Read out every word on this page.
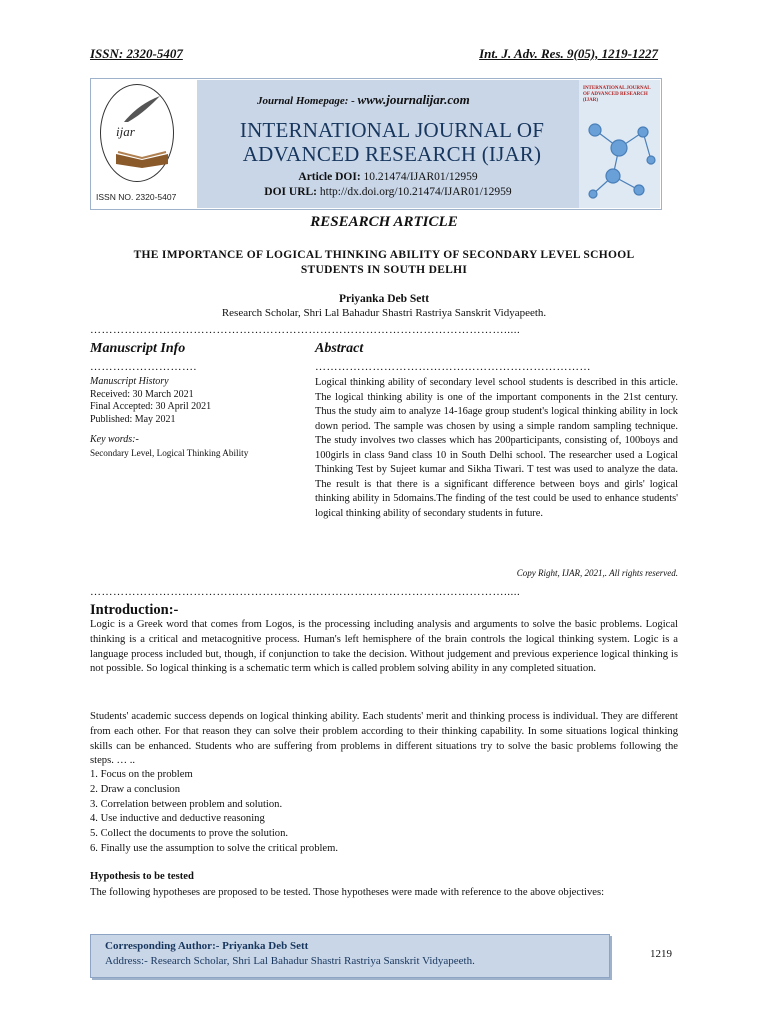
ISSN: 2320-5407	Int. J. Adv. Res. 9(05), 1219-1227
ijar
ISSN NO. 2320-5407
Journal Homepage: - www.journalijar.com
INTERNATIONAL JOURNAL OF
ADVANCED RESEARCH (IJAR)
Article DOI: 10.21474/IJAR01/12959
DOI URL: http://dx.doi.org/10.21474/IJAR01/12959
INTERNATIONAL JOURNAL OF ADVANCED RESEARCH (IJAR)
RESEARCH ARTICLE
THE IMPORTANCE OF LOGICAL THINKING ABILITY OF SECONDARY LEVEL SCHOOL
STUDENTS IN SOUTH DELHI
Priyanka Deb Sett
Research Scholar, Shri Lal Bahadur Shastri Rastriya Sanskrit Vidyapeeth.
……………………………………………………………………………………………….....
Manuscript Info	Abstract
……………………….	………………………………………………………………
Manuscript History
Received: 30 March 2021
Final Accepted: 30 April 2021
Published: May 2021
Key words:-
Secondary Level, Logical Thinking Ability
Logical thinking ability of secondary level school students is described in this article. The logical thinking ability is one of the important components in the 21st century. Thus the study aim to analyze 14-16age group student's logical thinking ability in lock down period. The sample was chosen by using a simple random sampling technique. The study involves two classes which has 200participants, consisting of, 100boys and 100girls in class 9and class 10 in South Delhi school. The researcher used a Logical Thinking Test by Sujeet kumar and Sikha Tiwari. T test was used to analyze the data. The result is that there is a significant difference between boys and girls' logical thinking ability in 5domains.The finding of the test could be used to enhance students' logical thinking ability of secondary students in future.
Copy Right, IJAR, 2021,. All rights reserved.
……………………………………………………………………………………………….....
Introduction:-
Logic is a Greek word that comes from Logos, is the processing including analysis and arguments to solve the basic problems. Logical thinking is a critical and metacognitive process. Human's left hemisphere of the brain controls the logical thinking system. Logic is a language process included but, though, if conjunction to take the decision. Without judgement and previous experience logical thinking is not possible. So logical thinking is a schematic term which is called problem solving ability in any completed situation.
Students' academic success depends on logical thinking ability. Each students' merit and thinking process is individual. They are different from each other. For that reason they can solve their problem according to their thinking capability. In some situations logical thinking skills can be enhanced. Students who are suffering from problems in different situations try to solve the basic problems following the steps. … ..
1. Focus on the problem
2. Draw a conclusion
3. Correlation between problem and solution.
4. Use inductive and deductive reasoning
5. Collect the documents to prove the solution.
6. Finally use the assumption to solve the critical problem.
Hypothesis to be tested
The following hypotheses are proposed to be tested. Those hypotheses were made with reference to the above objectives:
Corresponding Author:- Priyanka Deb Sett
Address:- Research Scholar, Shri Lal Bahadur Shastri Rastriya Sanskrit Vidyapeeth.
1219
